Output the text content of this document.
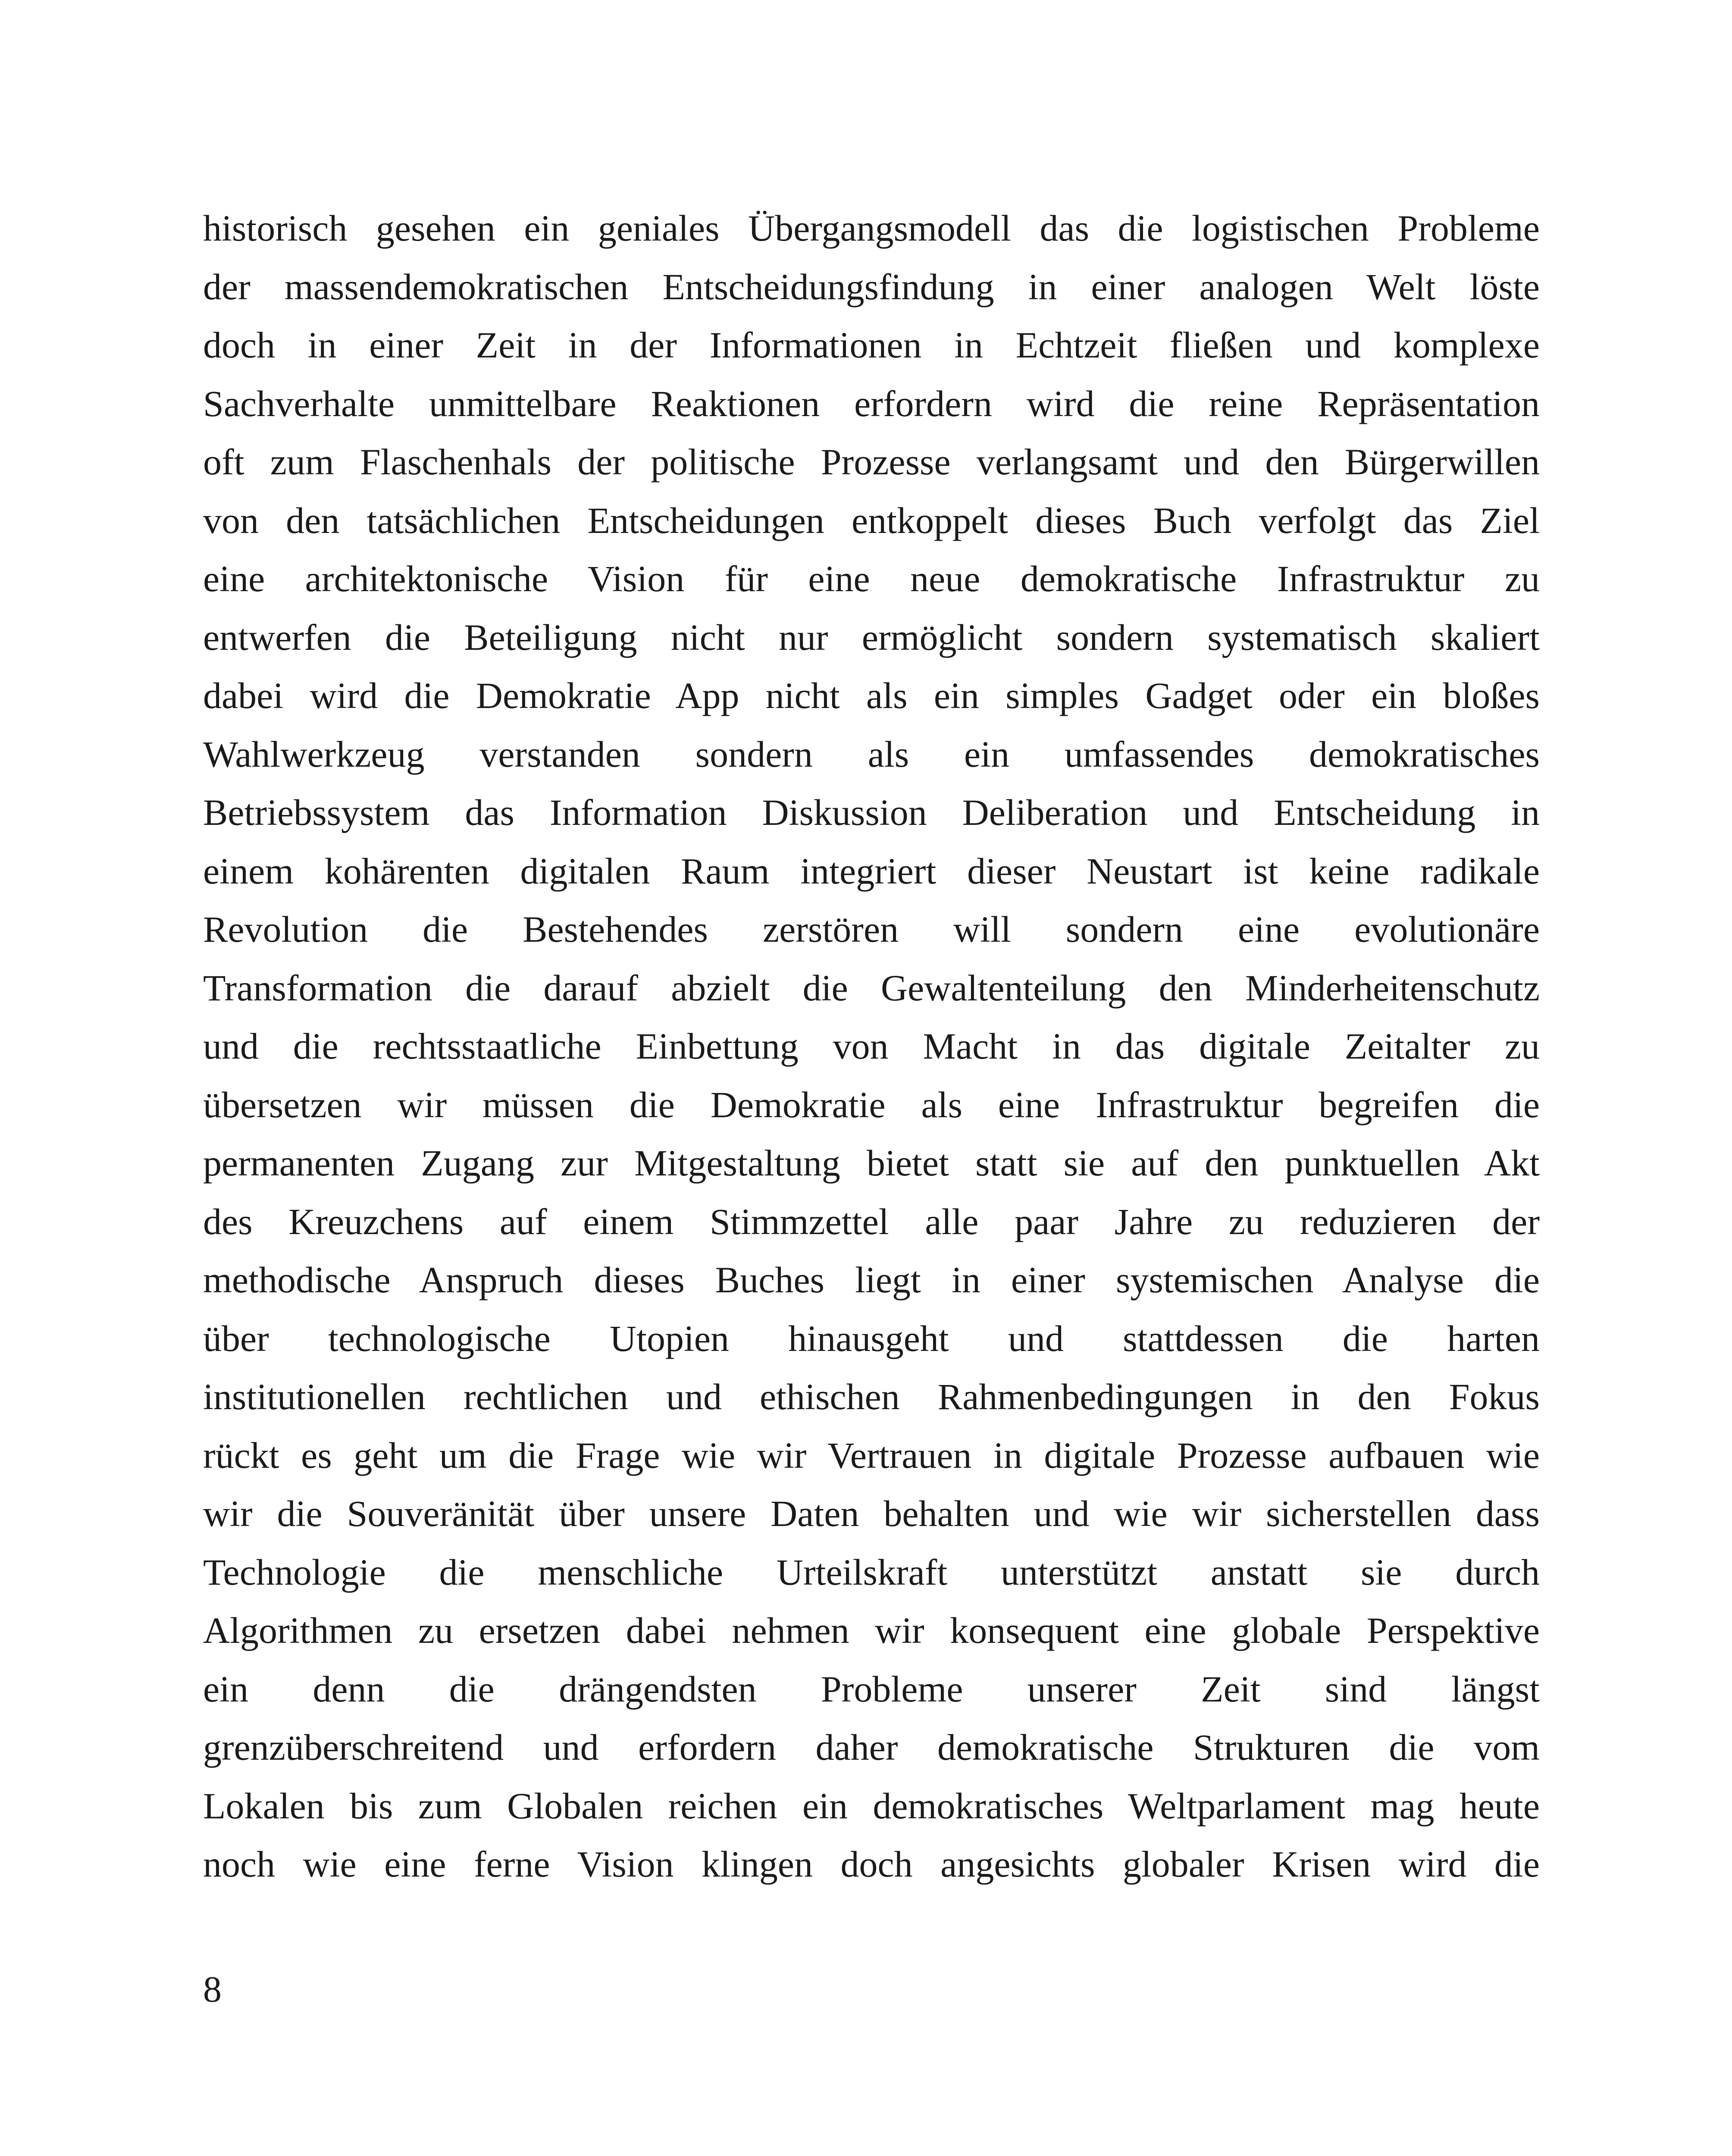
historisch gesehen ein geniales Übergangsmodell das die logistischen Probleme
der massendemokratischen Entscheidungsfindung in einer analogen Welt löste
doch in einer Zeit in der Informationen in Echtzeit fließen und komplexe
Sachverhalte unmittelbare Reaktionen erfordern wird die reine Repräsentation
oft zum Flaschenhals der politische Prozesse verlangsamt und den Bürgerwillen
von den tatsächlichen Entscheidungen entkoppelt dieses Buch verfolgt das Ziel
eine architektonische Vision für eine neue demokratische Infrastruktur zu
entwerfen die Beteiligung nicht nur ermöglicht sondern systematisch skaliert
dabei wird die Demokratie App nicht als ein simples Gadget oder ein bloßes
Wahlwerkzeug verstanden sondern als ein umfassendes demokratisches
Betriebssystem das Information Diskussion Deliberation und Entscheidung in
einem kohärenten digitalen Raum integriert dieser Neustart ist keine radikale
Revolution die Bestehendes zerstören will sondern eine evolutionäre
Transformation die darauf abzielt die Gewaltenteilung den Minderheitenschutz
und die rechtsstaatliche Einbettung von Macht in das digitale Zeitalter zu
übersetzen wir müssen die Demokratie als eine Infrastruktur begreifen die
permanenten Zugang zur Mitgestaltung bietet statt sie auf den punktuellen Akt
des Kreuzchens auf einem Stimmzettel alle paar Jahre zu reduzieren der
methodische Anspruch dieses Buches liegt in einer systemischen Analyse die
über technologische Utopien hinausgeht und stattdessen die harten
institutionellen rechtlichen und ethischen Rahmenbedingungen in den Fokus
rückt es geht um die Frage wie wir Vertrauen in digitale Prozesse aufbauen wie
wir die Souveränität über unsere Daten behalten und wie wir sicherstellen dass
Technologie die menschliche Urteilskraft unterstützt anstatt sie durch
Algorithmen zu ersetzen dabei nehmen wir konsequent eine globale Perspektive
ein denn die drängendsten Probleme unserer Zeit sind längst
grenzüberschreitend und erfordern daher demokratische Strukturen die vom
Lokalen bis zum Globalen reichen ein demokratisches Weltparlament mag heute
noch wie eine ferne Vision klingen doch angesichts globaler Krisen wird die

8
